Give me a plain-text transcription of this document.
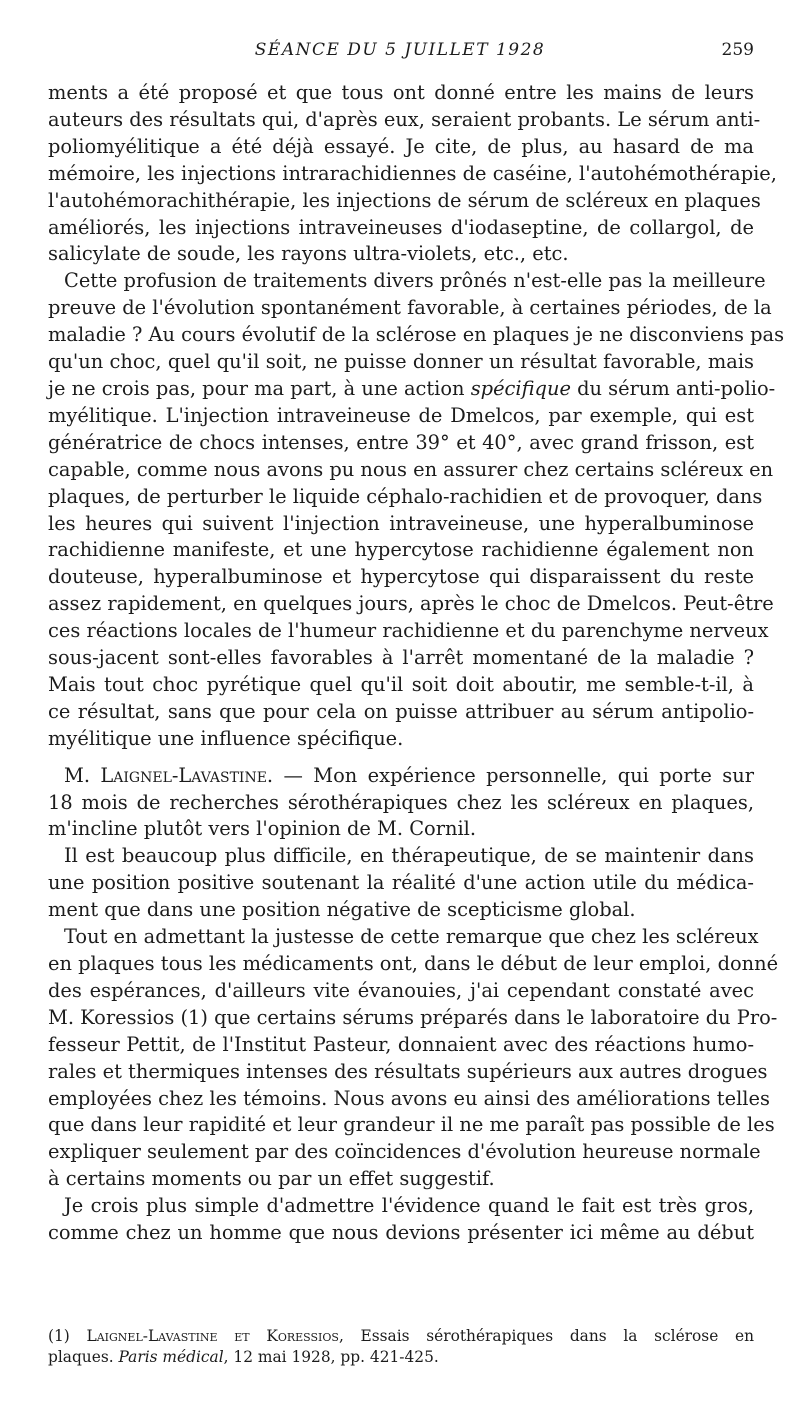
SÉANCE DU 5 JUILLET 1928	259

ments a été proposé et que tous ont donné entre les mains de leurs
auteurs des résultats qui, d'après eux, seraient probants. Le sérum anti-
poliomyélitique a été déjà essayé. Je cite, de plus, au hasard de ma
mémoire, les injections intrarachidiennes de caséine, l'autohémothérapie,
l'autohémorachithérapie, les injections de sérum de scléreux en plaques
améliorés, les injections intraveineuses d'iodaseptine, de collargol, de
salicylate de soude, les rayons ultra-violets, etc., etc.

Cette profusion de traitements divers prônés n'est-elle pas la meilleure
preuve de l'évolution spontanément favorable, à certaines périodes, de la
maladie ? Au cours évolutif de la sclérose en plaques je ne disconviens pas
qu'un choc, quel qu'il soit, ne puisse donner un résultat favorable, mais
je ne crois pas, pour ma part, à une action spécifique du sérum anti-polio-
myélitique. L'injection intraveineuse de Dmelcos, par exemple, qui est
génératrice de chocs intenses, entre 39° et 40°, avec grand frisson, est
capable, comme nous avons pu nous en assurer chez certains scléreux en
plaques, de perturber le liquide céphalo-rachidien et de provoquer, dans
les heures qui suivent l'injection intraveineuse, une hyperalbuminose
rachidienne manifeste, et une hypercytose rachidienne également non
douteuse, hyperalbuminose et hypercytose qui disparaissent du reste
assez rapidement, en quelques jours, après le choc de Dmelcos. Peut-être
ces réactions locales de l'humeur rachidienne et du parenchyme nerveux
sous-jacent sont-elles favorables à l'arrêt momentané de la maladie ?
Mais tout choc pyrétique quel qu'il soit doit aboutir, me semble-t-il, à
ce résultat, sans que pour cela on puisse attribuer au sérum antipolio-
myélitique une influence spécifique.

M. Laignel-Lavastine. — Mon expérience personnelle, qui porte sur
18 mois de recherches sérothérapiques chez les scléreux en plaques,
m'incline plutôt vers l'opinion de M. Cornil.

Il est beaucoup plus difficile, en thérapeutique, de se maintenir dans
une position positive soutenant la réalité d'une action utile du médica-
ment que dans une position négative de scepticisme global.

Tout en admettant la justesse de cette remarque que chez les scléreux
en plaques tous les médicaments ont, dans le début de leur emploi, donné
des espérances, d'ailleurs vite évanouies, j'ai cependant constaté avec
M. Koressios (1) que certains sérums préparés dans le laboratoire du Pro-
fesseur Pettit, de l'Institut Pasteur, donnaient avec des réactions humo-
rales et thermiques intenses des résultats supérieurs aux autres drogues
employées chez les témoins. Nous avons eu ainsi des améliorations telles
que dans leur rapidité et leur grandeur il ne me paraît pas possible de les
expliquer seulement par des coïncidences d'évolution heureuse normale
à certains moments ou par un effet suggestif.

Je crois plus simple d'admettre l'évidence quand le fait est très gros,
comme chez un homme que nous devions présenter ici même au début

(1) Laignel-Lavastine et Koressios, Essais sérothérapiques dans la sclérose en
plaques. Paris médical, 12 mai 1928, pp. 421-425.
